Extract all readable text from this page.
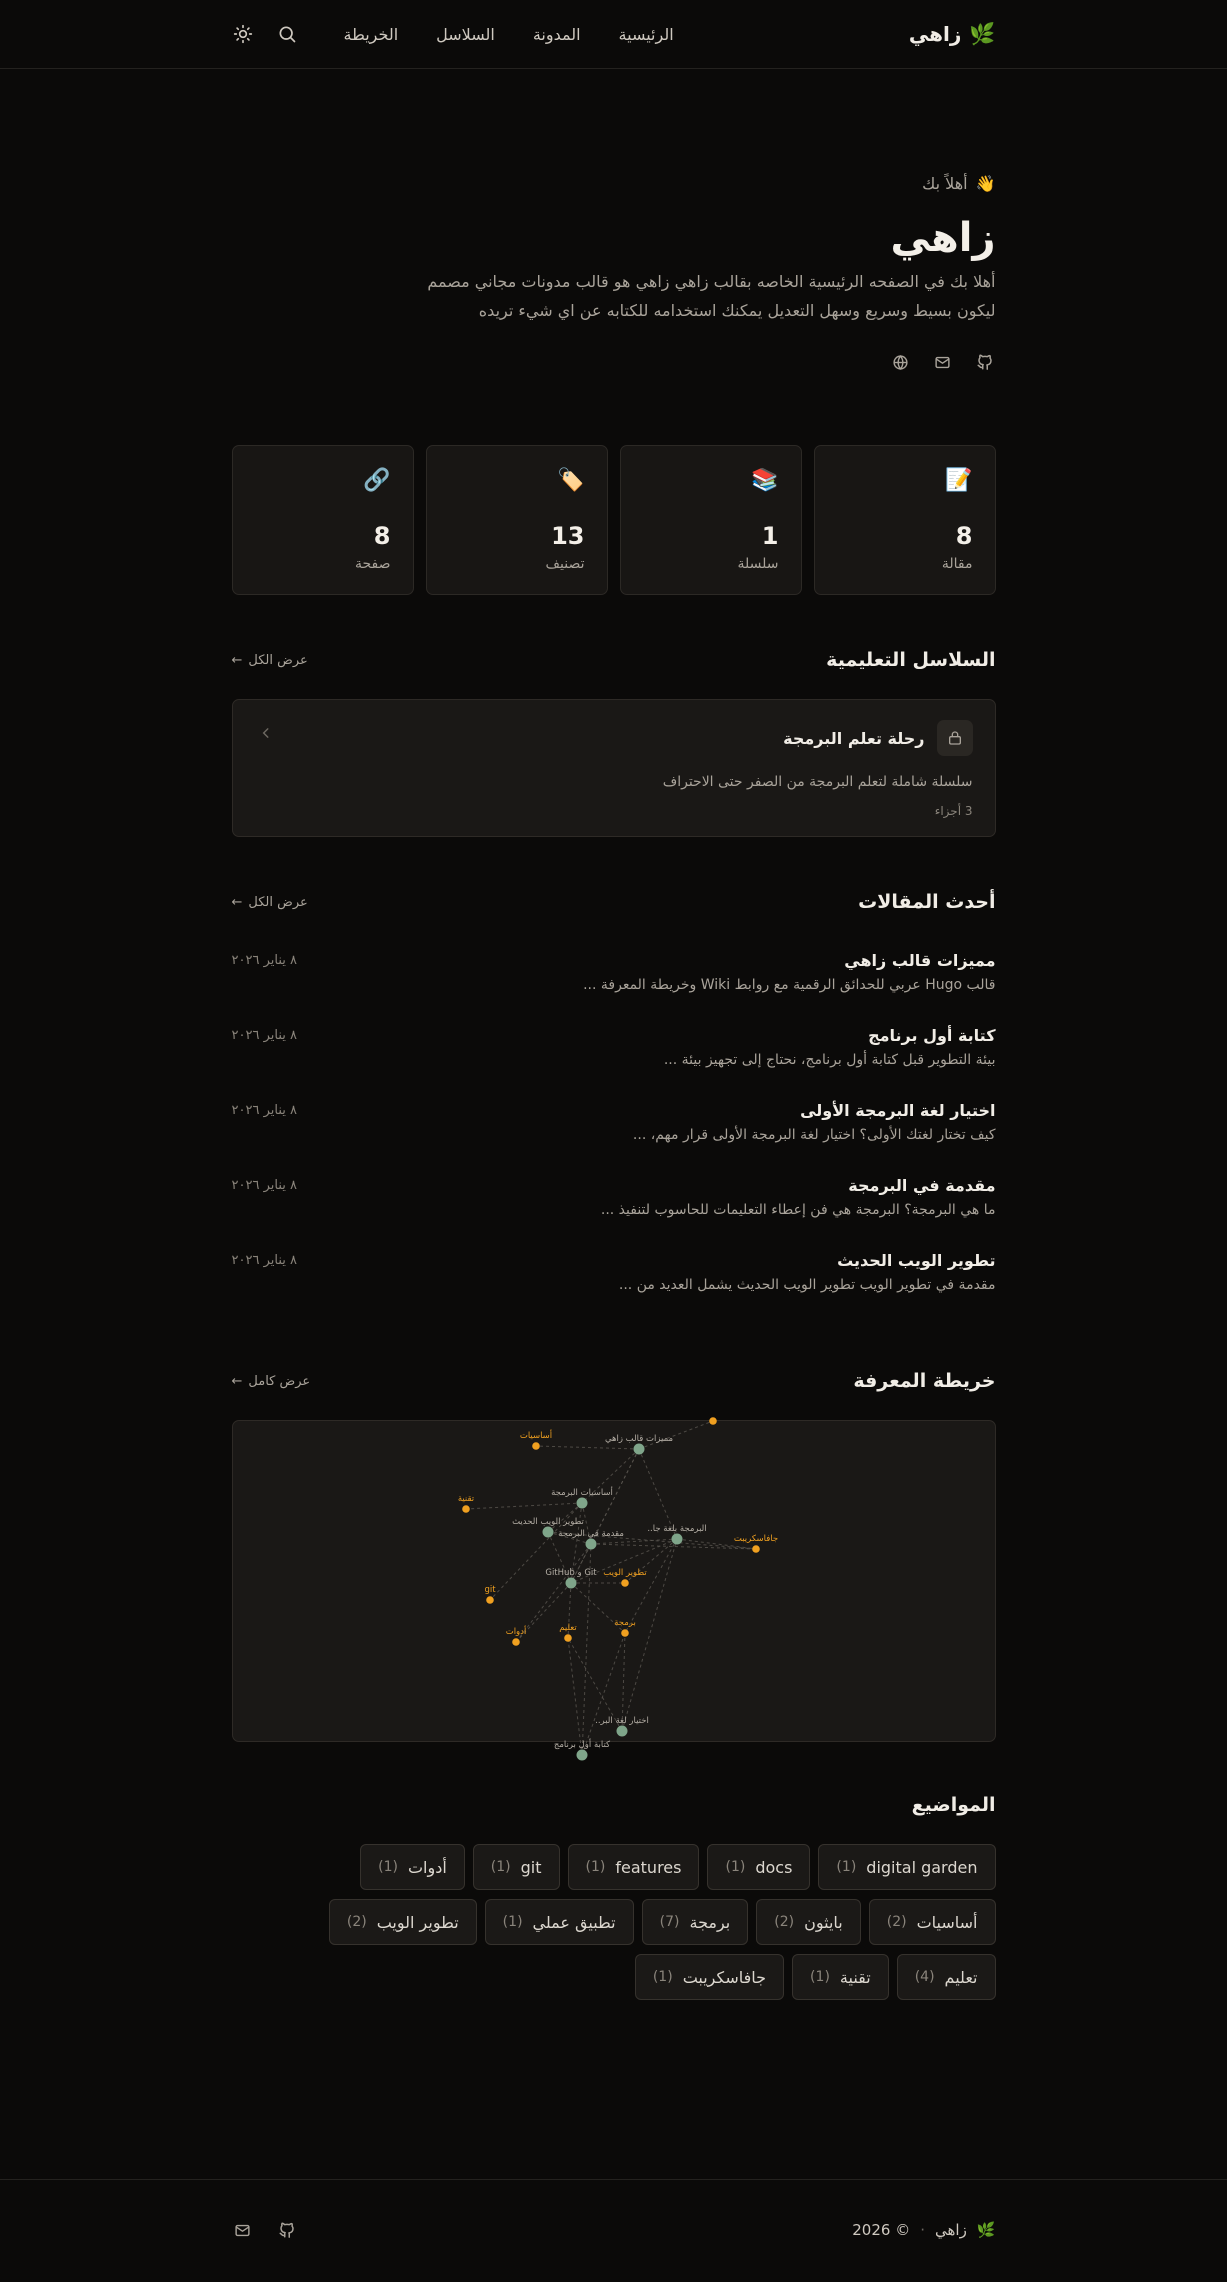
🌿
زاهي
الرئيسية
المدونة
السلاسل
الخريطة
👋
أهلاً بك
زاهي

أهلا بك في الصفحه الرئيسية الخاصه بقالب زاهي زاهي هو قالب مدونات مجاني مصمم ليكون بسيط وسريع وسهل التعديل يمكنك استخدامه للكتابه عن اي شيء تريده

📝
8
مقالة
📚
1
سلسلة
🏷️
13
تصنيف
🔗
8
صفحة
السلاسل التعليمية
عرض الكل
←
رحلة تعلم البرمجة
سلسلة شاملة لتعلم البرمجة من الصفر حتى الاحتراف
3 أجزاء
أحدث المقالات
عرض الكل
←
مميزات قالب زاهي
قالب Hugo عربي للحدائق الرقمية مع روابط Wiki وخريطة المعرفة ...
٨ يناير ٢٠٢٦
كتابة أول برنامج
بيئة التطوير قبل كتابة أول برنامج، نحتاج إلى تجهيز بيئة ...
٨ يناير ٢٠٢٦
اختيار لغة البرمجة الأولى
كيف تختار لغتك الأولى؟ اختيار لغة البرمجة الأولى قرار مهم، ...
٨ يناير ٢٠٢٦
مقدمة في البرمجة
ما هي البرمجة؟ البرمجة هي فن إعطاء التعليمات للحاسوب لتنفيذ ...
٨ يناير ٢٠٢٦
تطوير الويب الحديث
مقدمة في تطوير الويب تطوير الويب الحديث يشمل العديد من ...
٨ يناير ٢٠٢٦
خريطة المعرفة
عرض كامل
←
مميزات قالب زاهي
أساسيات البرمجة
تطوير الويب الحديث
مقدمة في البرمجة	البرمجة بلغة جا..
Git و GitHub
اختيار لغة البر..
كتابة أول برنامج
أساسيات
تقنية
جافاسكريبت
تطوير الويب
git
أدوات	تعليم	برمجة
المواضيع
digital garden
(1)
docs
(1)
features
(1)
git
(1)
أدوات
(1)
أساسيات
(2)
بايثون
(2)
برمجة
(7)
تطبيق عملي
(1)
تطوير الويب
(2)
تعليم
(4)
تقنية
(1)
جافاسكريبت
(1)
🌿
زاهي
·
© 2026
